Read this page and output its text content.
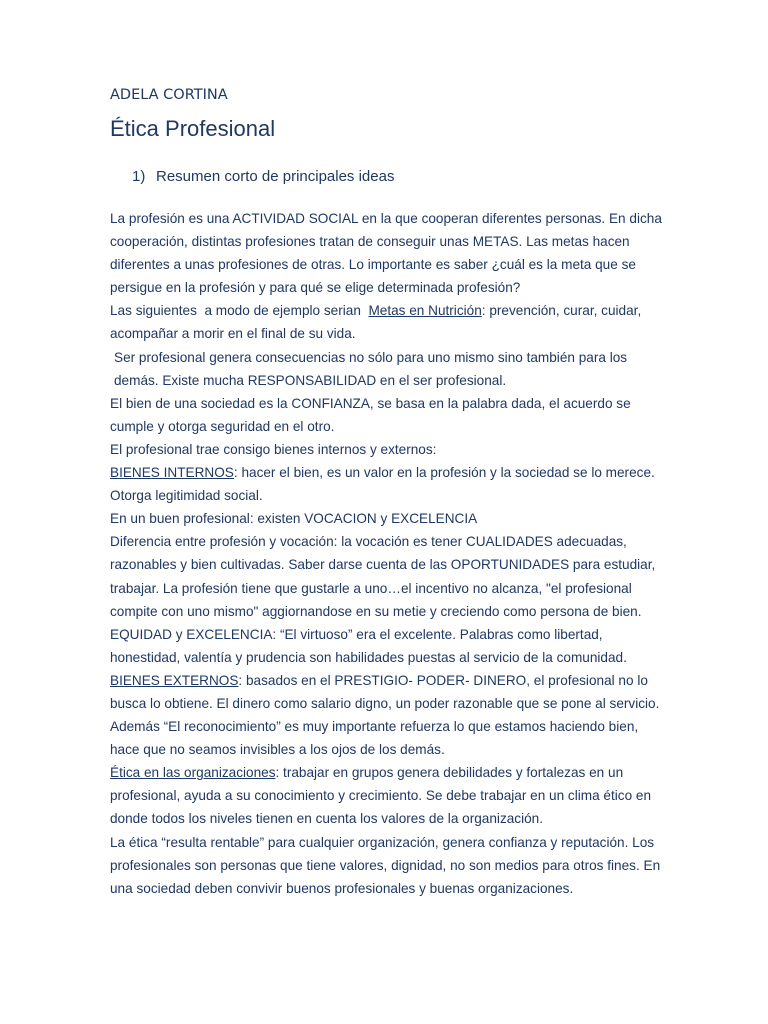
ADELA CORTINA
Ética Profesional
1) Resumen corto de principales ideas

La profesión es una ACTIVIDAD SOCIAL en la que cooperan diferentes personas. En dicha cooperación, distintas profesiones tratan de conseguir unas METAS. Las metas hacen diferentes a unas profesiones de otras. Lo importante es saber ¿cuál es la meta que se persigue en la profesión y para qué se elige determinada profesión?

Las siguientes  a modo de ejemplo serian  Metas en Nutrición: prevención, curar, cuidar, acompañar a morir en el final de su vida.

Ser profesional genera consecuencias no sólo para uno mismo sino también para los demás. Existe mucha RESPONSABILIDAD en el ser profesional.

El bien de una sociedad es la CONFIANZA, se basa en la palabra dada, el acuerdo se cumple y otorga seguridad en el otro.

El profesional trae consigo bienes internos y externos:

BIENES INTERNOS: hacer el bien, es un valor en la profesión y la sociedad se lo merece. Otorga legitimidad social.

En un buen profesional: existen VOCACION y EXCELENCIA

Diferencia entre profesión y vocación: la vocación es tener CUALIDADES adecuadas, razonables y bien cultivadas. Saber darse cuenta de las OPORTUNIDADES para estudiar, trabajar. La profesión tiene que gustarle a uno…el incentivo no alcanza, "el profesional compite con uno mismo" aggiornandose en su metie y creciendo como persona de bien.

EQUIDAD y EXCELENCIA: “El virtuoso” era el excelente. Palabras como libertad, honestidad, valentía y prudencia son habilidades puestas al servicio de la comunidad.

BIENES EXTERNOS: basados en el PRESTIGIO- PODER- DINERO, el profesional no lo busca lo obtiene. El dinero como salario digno, un poder razonable que se pone al servicio. Además “El reconocimiento” es muy importante refuerza lo que estamos haciendo bien, hace que no seamos invisibles a los ojos de los demás.

Ética en las organizaciones: trabajar en grupos genera debilidades y fortalezas en un profesional, ayuda a su conocimiento y crecimiento. Se debe trabajar en un clima ético en donde todos los niveles tienen en cuenta los valores de la organización.

La ética “resulta rentable” para cualquier organización, genera confianza y reputación. Los profesionales son personas que tiene valores, dignidad, no son medios para otros fines. En una sociedad deben convivir buenos profesionales y buenas organizaciones.
